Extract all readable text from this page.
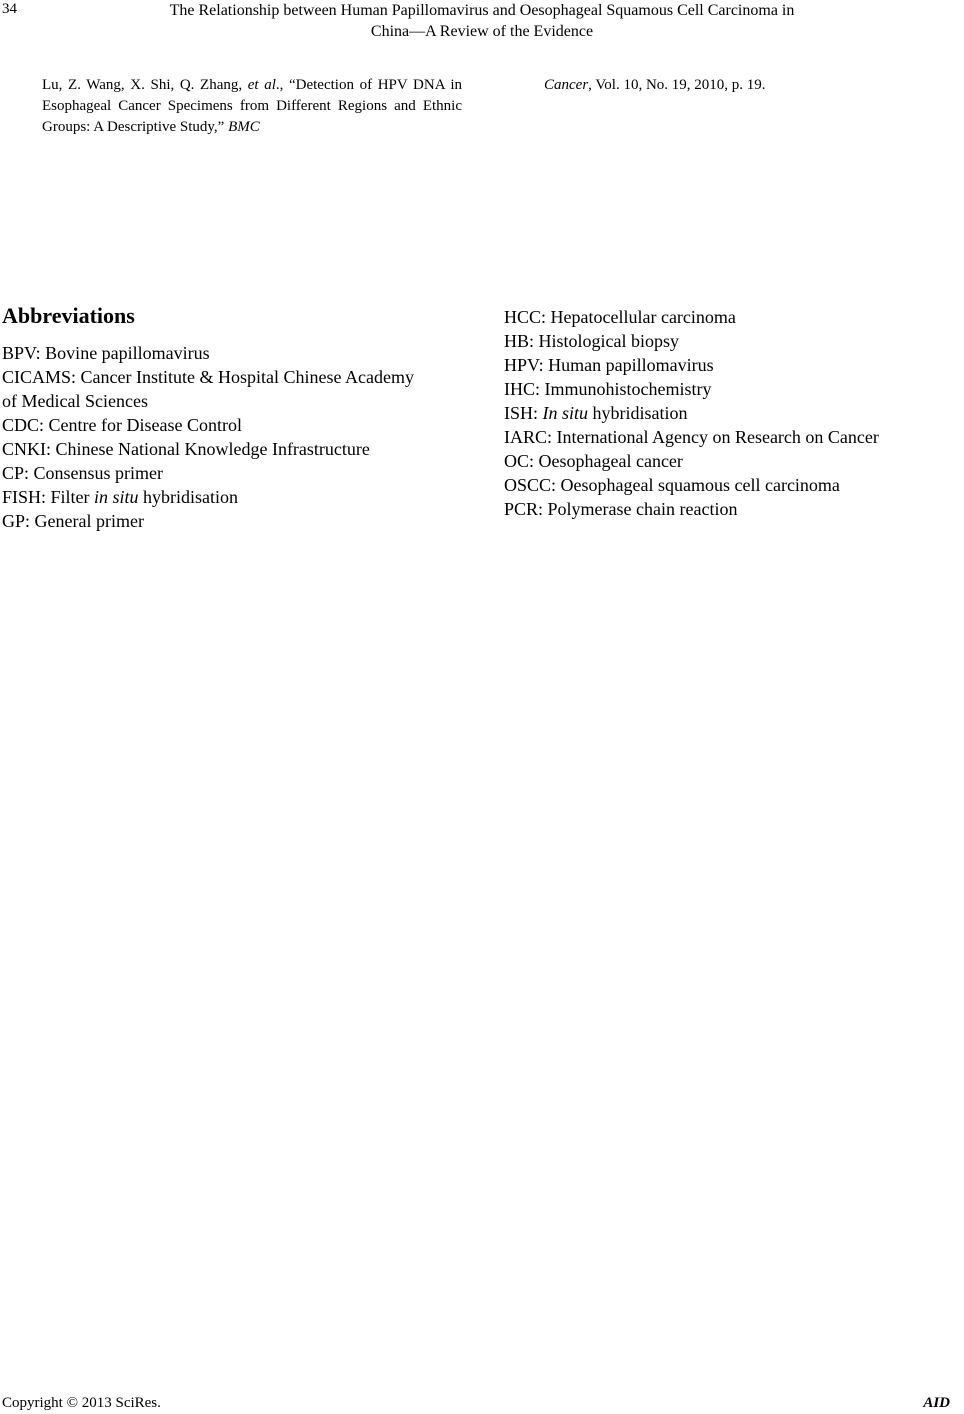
34	The Relationship between Human Papillomavirus and Oesophageal Squamous Cell Carcinoma in
China—A Review of the Evidence
Lu, Z. Wang, X. Shi, Q. Zhang, et al., “Detection of HPV DNA in Esophageal Cancer Specimens from Different Regions and Ethnic Groups: A Descriptive Study,” BMC
Cancer, Vol. 10, No. 19, 2010, p. 19.
Abbreviations
BPV: Bovine papillomavirus
CICAMS: Cancer Institute & Hospital Chinese Academy
of Medical Sciences
CDC: Centre for Disease Control
CNKI: Chinese National Knowledge Infrastructure
CP: Consensus primer
FISH: Filter in situ hybridisation
GP: General primer
HCC: Hepatocellular carcinoma
HB: Histological biopsy
HPV: Human papillomavirus
IHC: Immunohistochemistry
ISH: In situ hybridisation
IARC: International Agency on Research on Cancer
OC: Oesophageal cancer
OSCC: Oesophageal squamous cell carcinoma
PCR: Polymerase chain reaction
Copyright © 2013 SciRes.	AID
